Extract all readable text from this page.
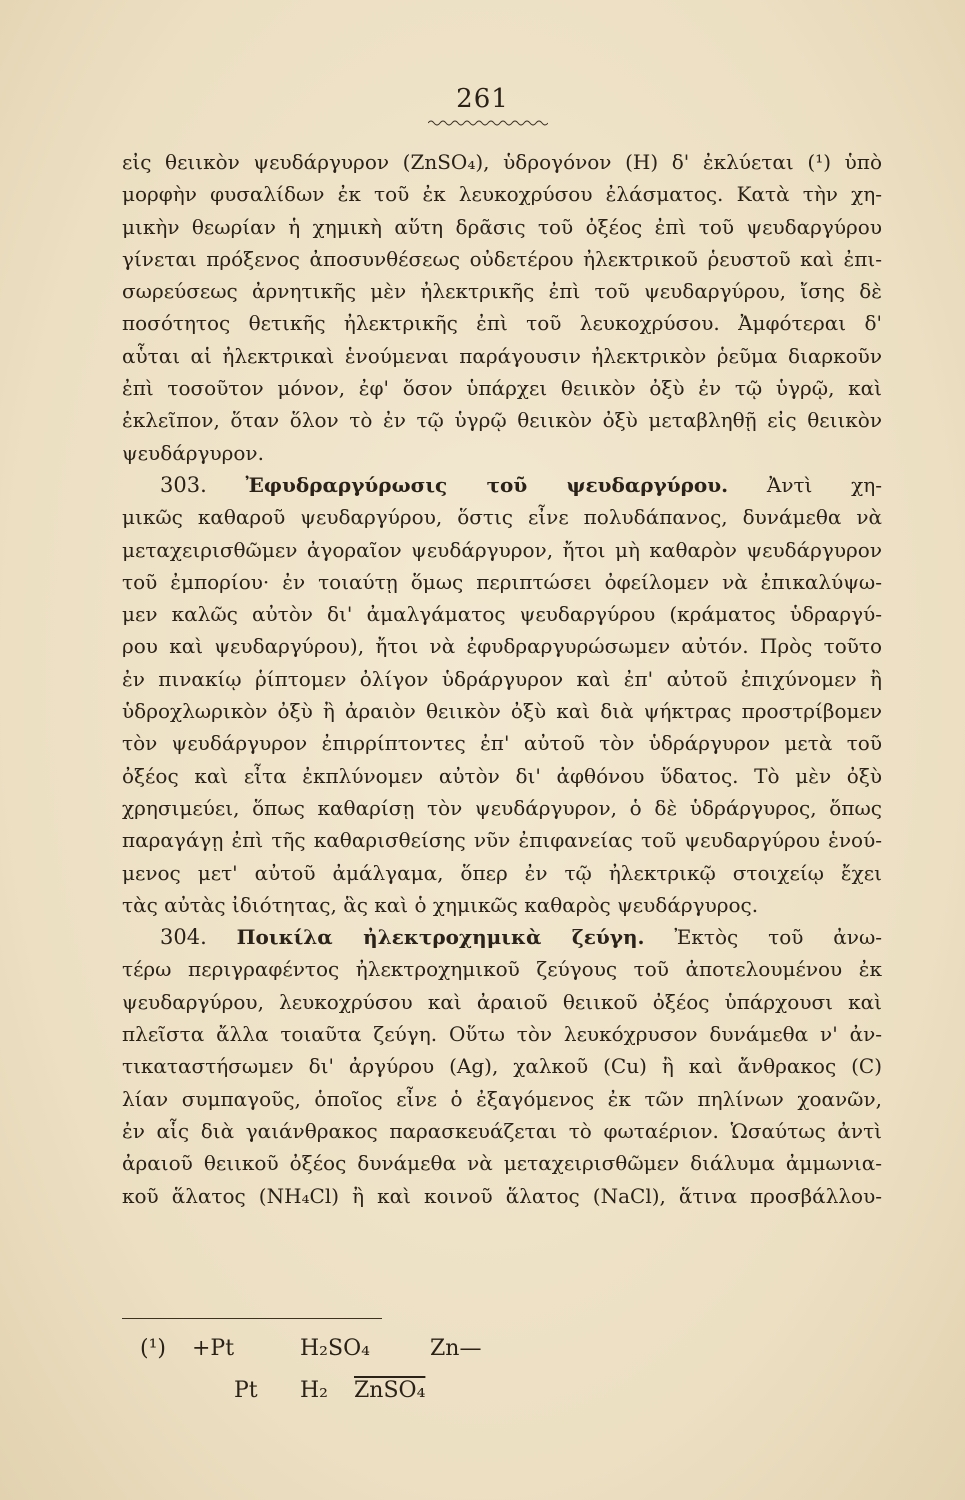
261
εἰς θειικὸν ψευδάργυρον (ZnSO₄), ὑδρογόνον (H) δ' ἐκλύεται (¹) ὑπὸ
μορφὴν φυσαλίδων ἐκ τοῦ ἐκ λευκοχρύσου ἐλάσματος. Κατὰ τὴν χη-
μικὴν θεωρίαν ἡ χημικὴ αὕτη δρᾶσις τοῦ ὀξέος ἐπὶ τοῦ ψευδαργύρου
γίνεται πρόξενος ἀποσυνθέσεως οὐδετέρου ἠλεκτρικοῦ ῥευστοῦ καὶ ἐπι-
σωρεύσεως ἀρνητικῆς μὲν ἠλεκτρικῆς ἐπὶ τοῦ ψευδαργύρου, ἴσης δὲ
ποσότητος θετικῆς ἠλεκτρικῆς ἐπὶ τοῦ λευκοχρύσου. Ἀμφότεραι δ'
αὗται αἱ ἠλεκτρικαὶ ἑνούμεναι παράγουσιν ἠλεκτρικὸν ῥεῦμα διαρκοῦν
ἐπὶ τοσοῦτον μόνον, ἐφ' ὅσον ὑπάρχει θειικὸν ὀξὺ ἐν τῷ ὑγρῷ, καὶ
ἐκλεῖπον, ὅταν ὅλον τὸ ἐν τῷ ὑγρῷ θειικὸν ὀξὺ μεταβληθῇ εἰς θειικὸν
ψευδάργυρον.
303. Ἐφυδραργύρωσις τοῦ ψευδαργύρου. Ἀντὶ χη-
μικῶς καθαροῦ ψευδαργύρου, ὅστις εἶνε πολυδάπανος, δυνάμεθα νὰ
μεταχειρισθῶμεν ἀγοραῖον ψευδάργυρον, ἤτοι μὴ καθαρὸν ψευδάργυρον
τοῦ ἐμπορίου· ἐν τοιαύτῃ ὅμως περιπτώσει ὀφείλομεν νὰ ἐπικαλύψω-
μεν καλῶς αὐτὸν δι' ἀμαλγάματος ψευδαργύρου (κράματος ὑδραργύ-
ρου καὶ ψευδαργύρου), ἤτοι νὰ ἐφυδραργυρώσωμεν αὐτόν. Πρὸς τοῦτο
ἐν πινακίῳ ῥίπτομεν ὀλίγον ὑδράργυρον καὶ ἐπ' αὐτοῦ ἐπιχύνομεν ἢ
ὑδροχλωρικὸν ὀξὺ ἢ ἀραιὸν θειικὸν ὀξὺ καὶ διὰ ψήκτρας προστρίβομεν
τὸν ψευδάργυρον ἐπιρρίπτοντες ἐπ' αὐτοῦ τὸν ὑδράργυρον μετὰ τοῦ
ὀξέος καὶ εἶτα ἐκπλύνομεν αὐτὸν δι' ἀφθόνου ὕδατος. Τὸ μὲν ὀξὺ
χρησιμεύει, ὅπως καθαρίσῃ τὸν ψευδάργυρον, ὁ δὲ ὑδράργυρος, ὅπως
παραγάγῃ ἐπὶ τῆς καθαρισθείσης νῦν ἐπιφανείας τοῦ ψευδαργύρου ἑνού-
μενος μετ' αὐτοῦ ἀμάλγαμα, ὅπερ ἐν τῷ ἠλεκτρικῷ στοιχείῳ ἔχει
τὰς αὐτὰς ἰδιότητας, ἃς καὶ ὁ χημικῶς καθαρὸς ψευδάργυρος.
304. Ποικίλα ἠλεκτροχημικὰ ζεύγη. Ἐκτὸς τοῦ ἀνω-
τέρω περιγραφέντος ἠλεκτροχημικοῦ ζεύγους τοῦ ἀποτελουμένου ἐκ
ψευδαργύρου, λευκοχρύσου καὶ ἀραιοῦ θειικοῦ ὀξέος ὑπάρχουσι καὶ
πλεῖστα ἄλλα τοιαῦτα ζεύγη. Οὕτω τὸν λευκόχρυσον δυνάμεθα ν' ἀν-
τικαταστήσωμεν δι' ἀργύρου (Ag), χαλκοῦ (Cu) ἢ καὶ ἄνθρακος (C)
λίαν συμπαγοῦς, ὁποῖος εἶνε ὁ ἐξαγόμενος ἐκ τῶν πηλίνων χοανῶν,
ἐν αἷς διὰ γαιάνθρακος παρασκευάζεται τὸ φωταέριον. Ὡσαύτως ἀντὶ
ἀραιοῦ θειικοῦ ὀξέος δυνάμεθα νὰ μεταχειρισθῶμεν διάλυμα ἀμμωνια-
κοῦ ἅλατος (NH₄Cl) ἢ καὶ κοινοῦ ἅλατος (NaCl), ἅτινα προσβάλλου-
(¹) +Pt	H₂SO₄	Zn—
Pt H₂ ZnSO₄
